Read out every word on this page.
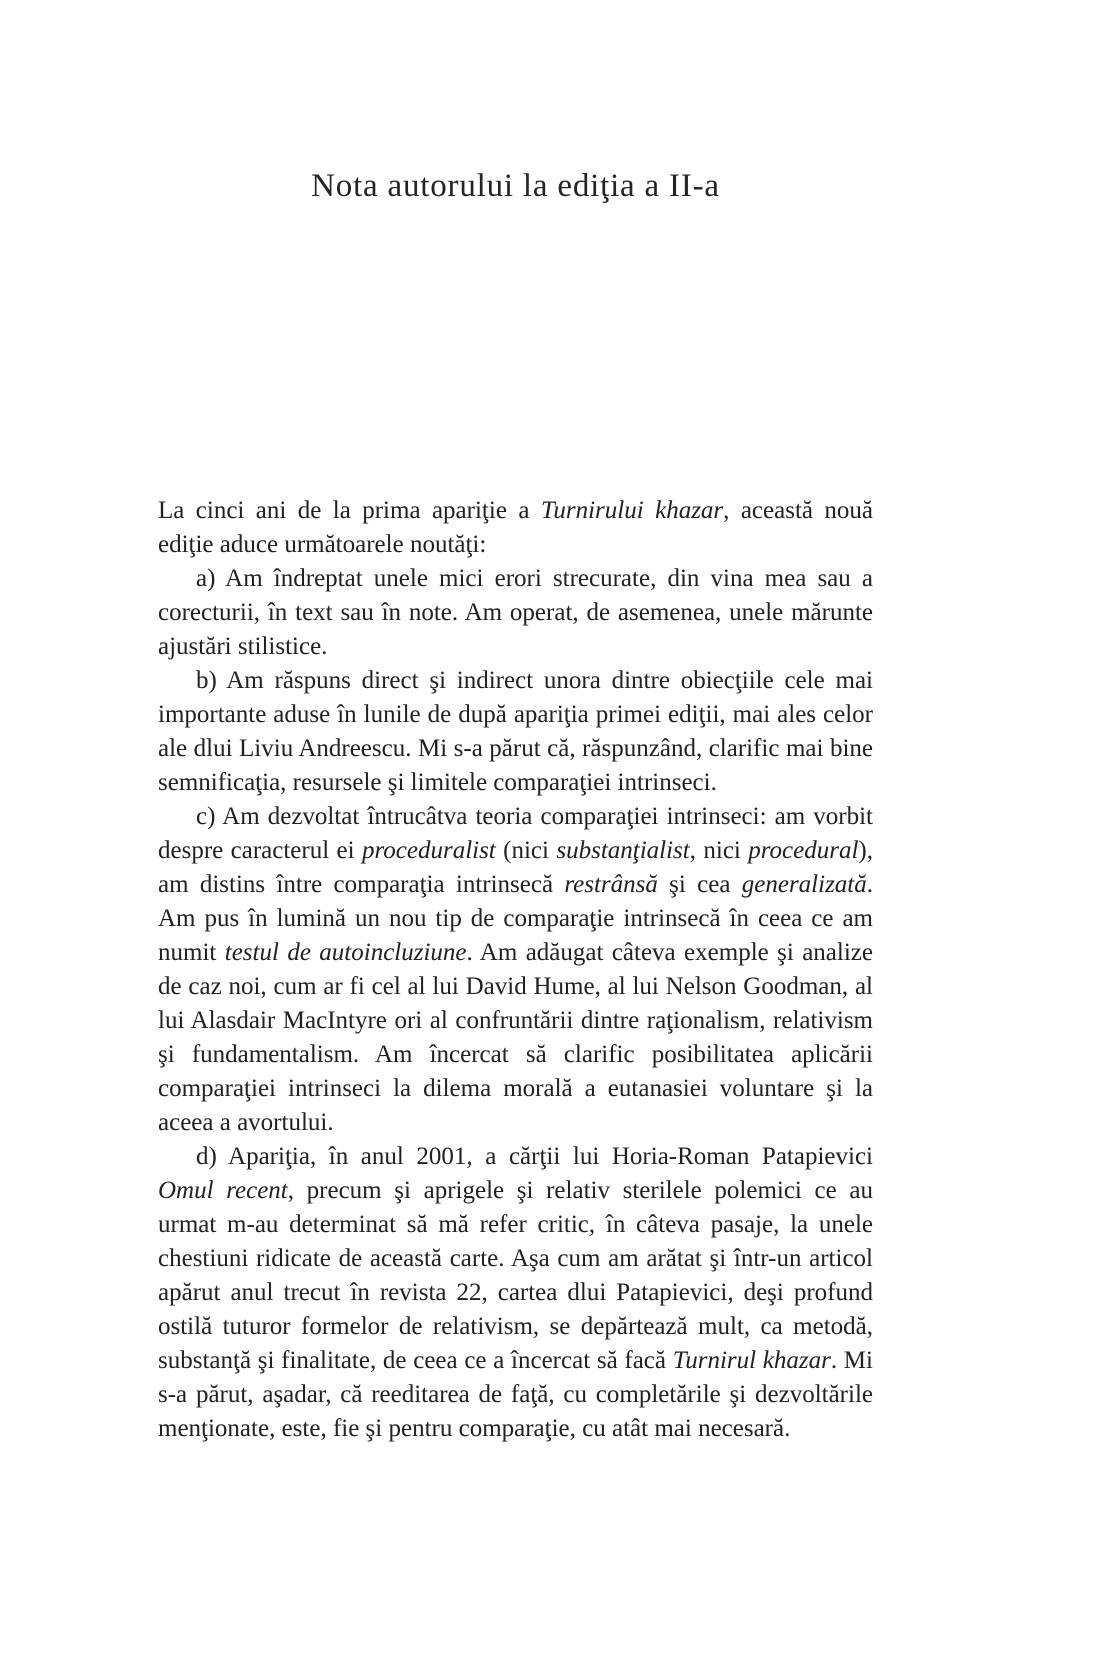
Nota autorului la ediţia a II-a

La cinci ani de la prima apariţie a Turnirului khazar, această nouă ediţie aduce următoarele noutăţi:

a) Am îndreptat unele mici erori strecurate, din vina mea sau a corecturii, în text sau în note. Am operat, de asemenea, unele mărunte ajustări stilistice.

b) Am răspuns direct şi indirect unora dintre obiecţiile cele mai importante aduse în lunile de după apariţia primei ediţii, mai ales celor ale dlui Liviu Andreescu. Mi s-a părut că, răspunzând, clarific mai bine semnificaţia, resursele şi limitele comparaţiei intrinseci.

c) Am dezvoltat întrucâtva teoria comparaţiei intrinseci: am vorbit despre caracterul ei proceduralist (nici substanţialist, nici procedural), am distins între comparaţia intrinsecă restrânsă şi cea generalizată. Am pus în lumină un nou tip de comparaţie intrinsecă în ceea ce am numit testul de autoincluziune. Am adăugat câteva exemple şi analize de caz noi, cum ar fi cel al lui David Hume, al lui Nelson Goodman, al lui Alasdair MacIntyre ori al confruntării dintre raţionalism, relativism şi fundamentalism. Am încercat să clarific posibilitatea aplicării comparaţiei intrinseci la dilema morală a eutanasiei voluntare şi la aceea a avortului.

d) Apariţia, în anul 2001, a cărţii lui Horia-Roman Patapievici Omul recent, precum şi aprigele şi relativ sterilele polemici ce au urmat m-au determinat să mă refer critic, în câteva pasaje, la unele chestiuni ridicate de această carte. Aşa cum am arătat şi într-un articol apărut anul trecut în revista 22, cartea dlui Patapievici, deşi profund ostilă tuturor formelor de relativism, se depărtează mult, ca metodă, substanţă şi finalitate, de ceea ce a încercat să facă Turnirul khazar. Mi s-a părut, aşadar, că reeditarea de faţă, cu completările şi dezvoltările menţionate, este, fie şi pentru comparaţie, cu atât mai necesară.
